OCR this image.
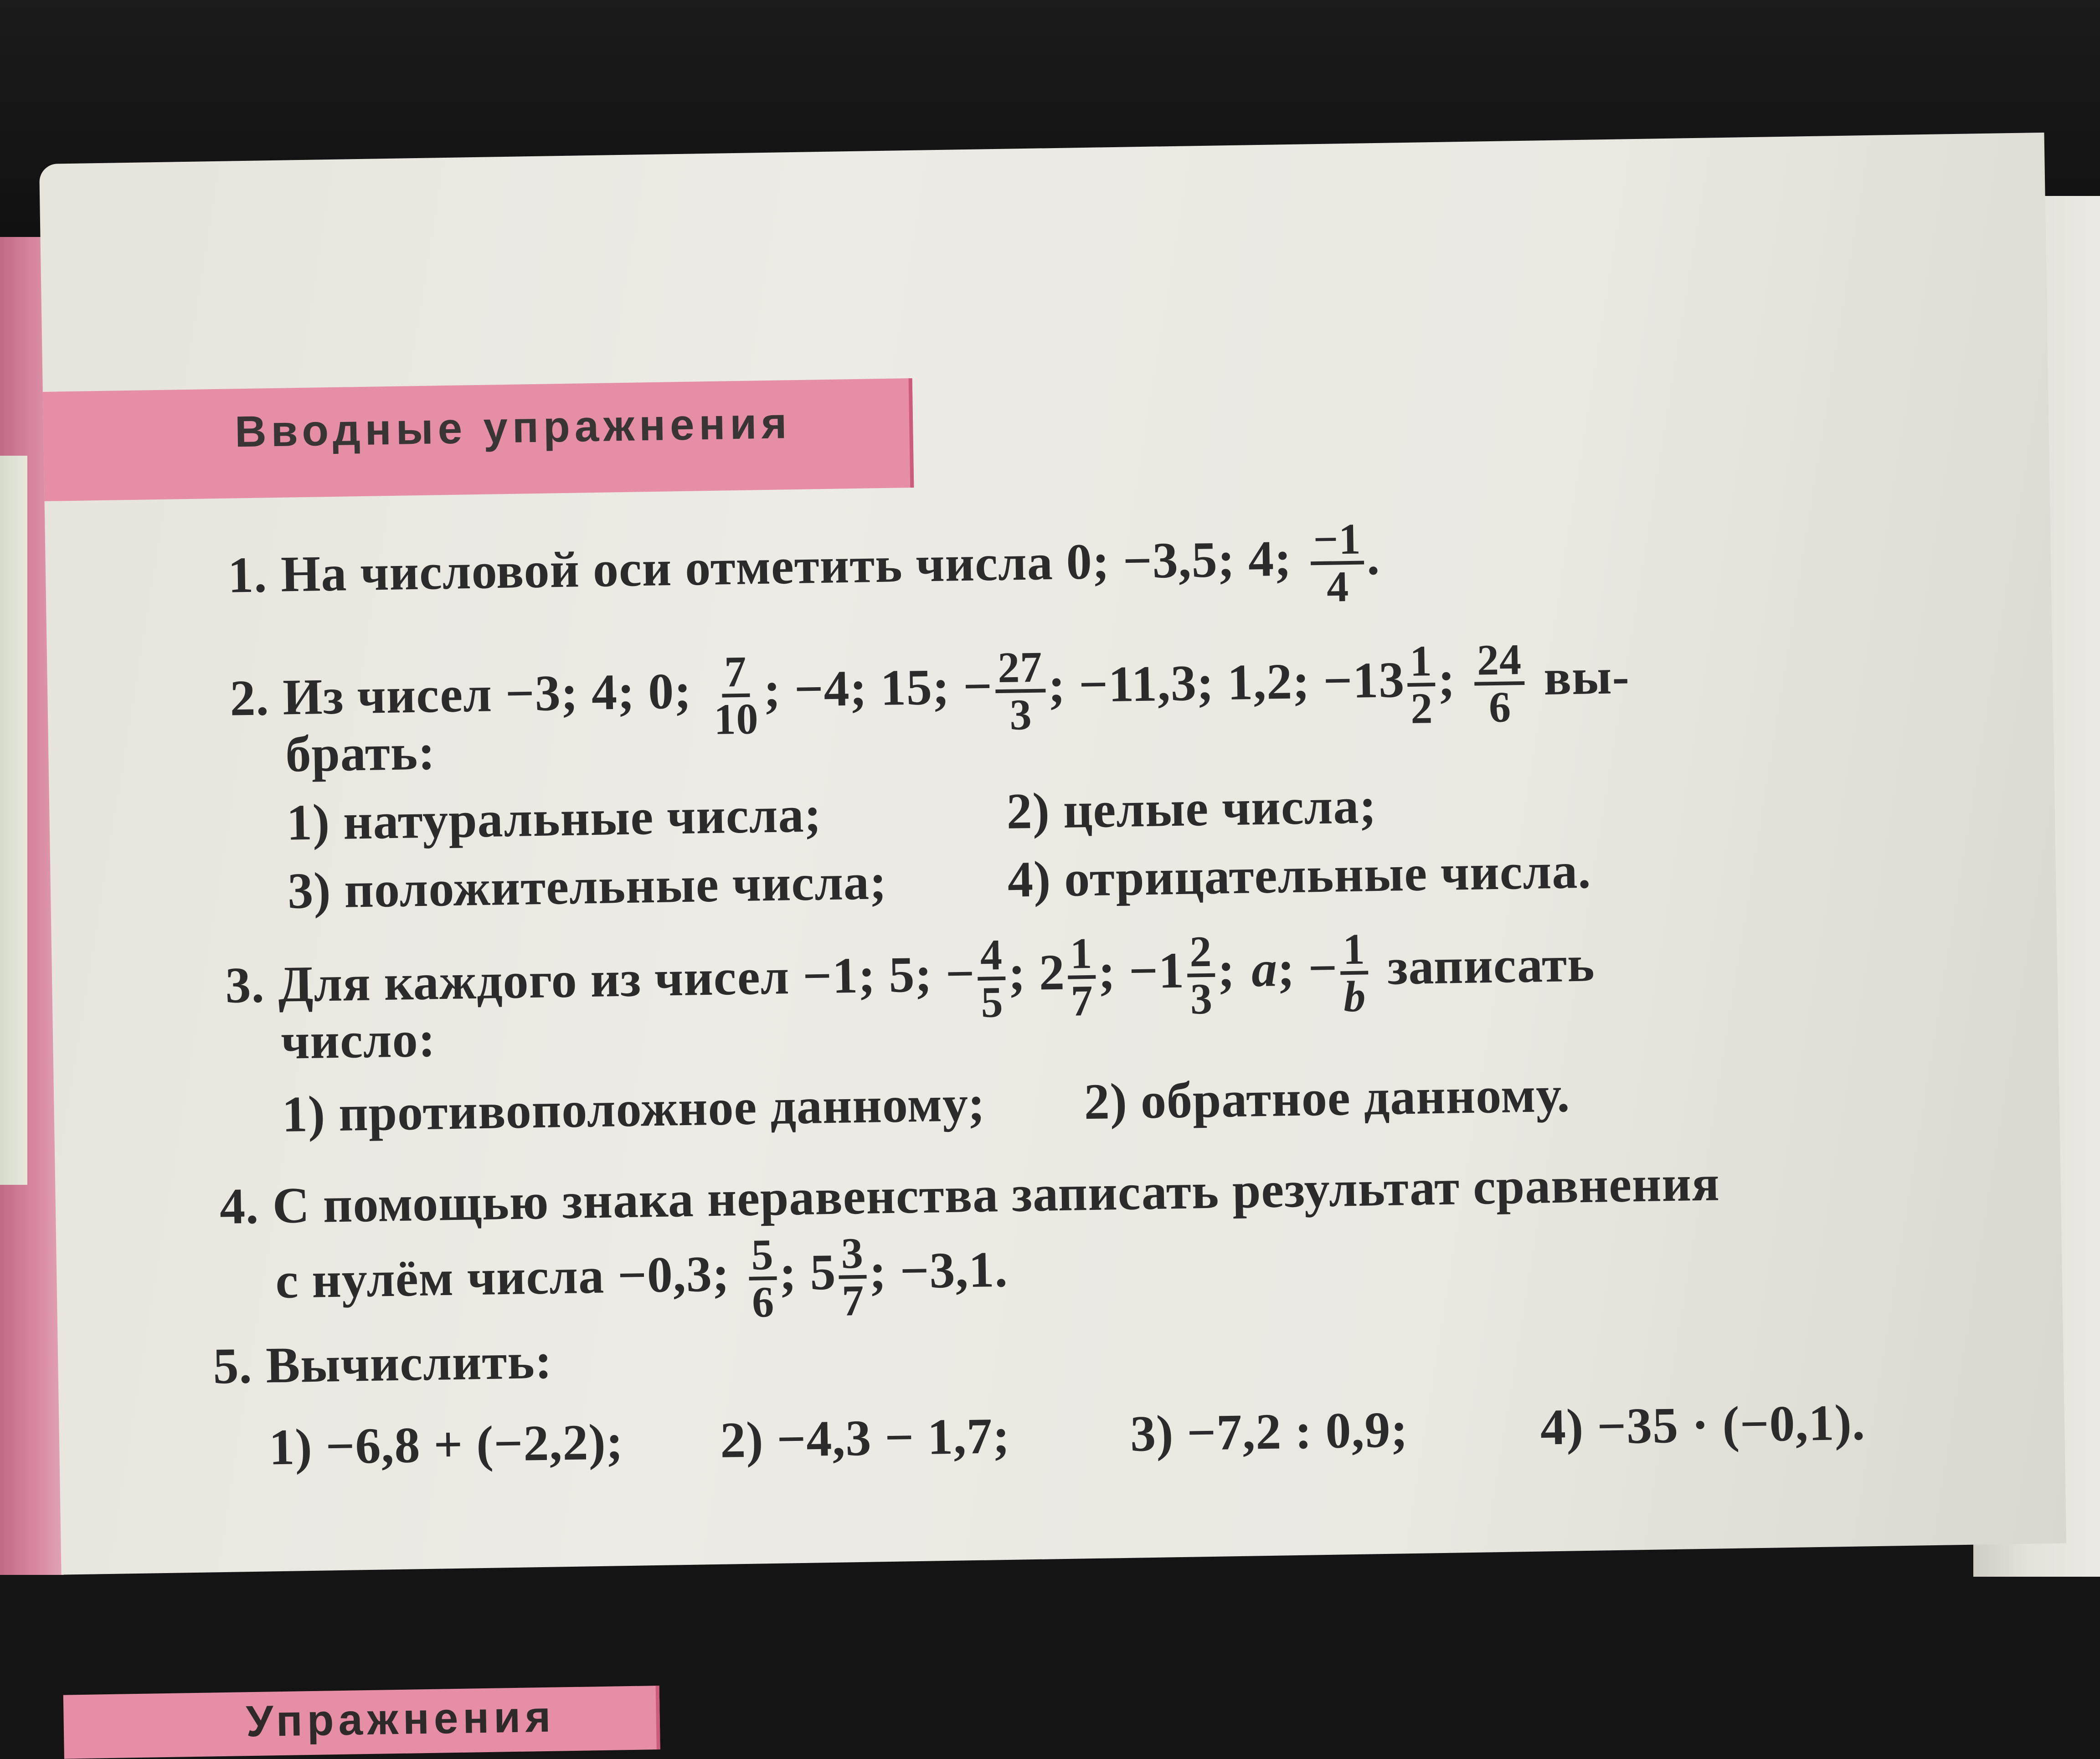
Вводные упражнения
1. На числовой оси отметить числа 0; −3,5; 4; $\frac{-1}{4}$ .
2. Из чисел −3; 4; 0; $\frac{7}{10}$ ; −4; 15; − $\frac{27}{3}$ ; −11,3; 1,2; $-13 \frac{1}{2}$ ; $\frac{24}{6} вы-$
брать:
1) натуральные числа;	2) целые числа;
3) положительные числа; 4) отрицательные числа.
3. Для каждого из чисел −1; 5; − $\frac{4}{5}$ ; $2 \frac{1}{7}$ ; $-1 \frac{2}{3}$ ; a; − $\frac{1}{b}$ записать
число:
1) противоположное данному; 2) обратное данному.
4. С помощью знака неравенства записать результат сравнения
с нулём числа −0,3; $\frac{5}{6}$ ; $5 \frac{3}{7}$ ; −3,1.
5. Вычислить:
1) −6,8 + (−2,2); 2) −4,3 − 1,7; 3) −7,2 : 0,9;	4) −35 · (−0,1).
Упражнения
